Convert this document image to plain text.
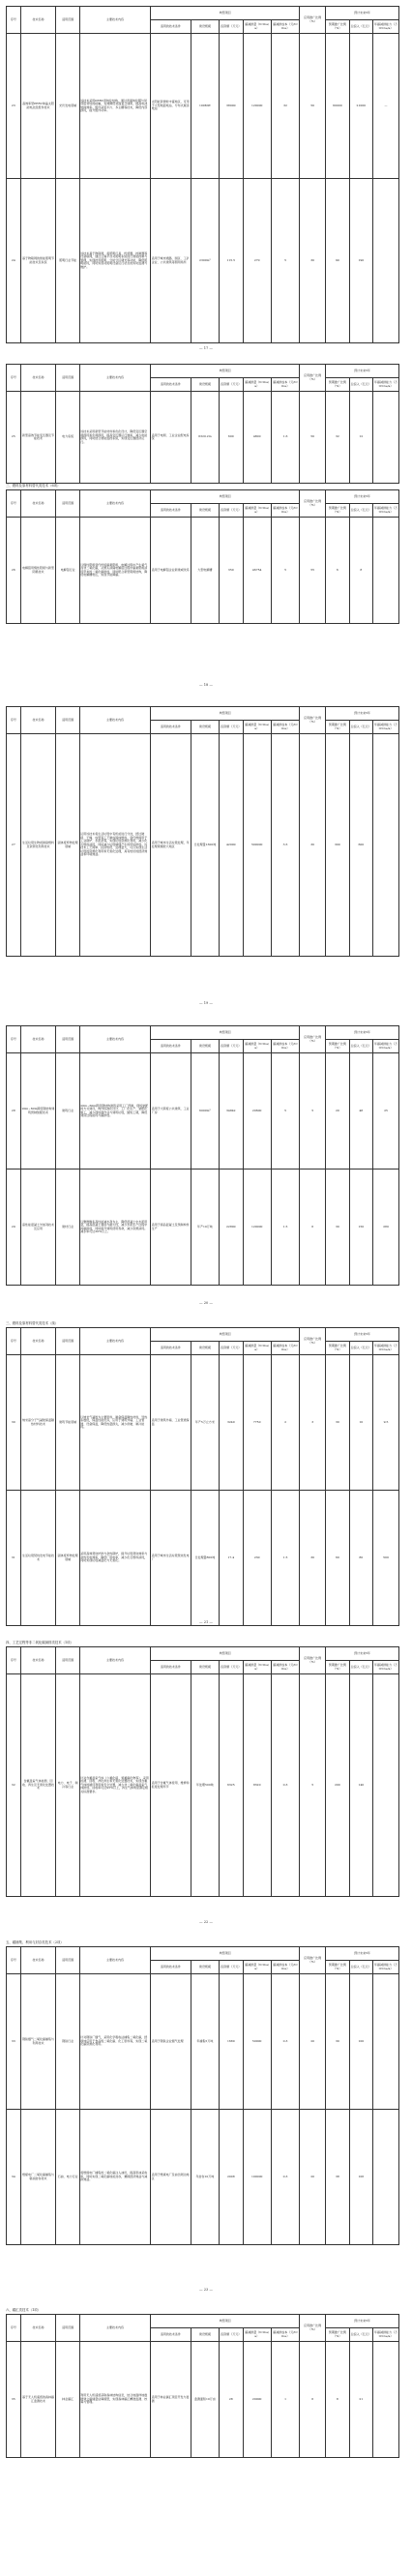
序号	技术名称	适用范围	主要技术内容	典型项目					应用推广比例（%）	预计未来5年		
				适用的技术条件	建设规模	投资额（万元）	碳减排量（tCO₂e/a）	碳减排成本（元/tCO₂e）		预期推广比例（%）	总投入（亿元）	年碳减排能力（万tCO₂e/a）
23	高效率型PERC单晶太阳能电池及组件技术	光伏发电领域	该技术采用PERC背钝化结构，通过背面钝化膜与局部铝背场的接触，有效降低背面复合速率，提高电池转换效率。组件采用半片、多主栅等技术，降低内部损耗，提升组件功率。	太阳能资源较丰富地区，可用于大型地面电站、分布式屋顶电站	100MW	38000	120000	32	50	60000	21000	—
24	基于物联网的智能照明节能技术及系统	照明行业节能	该技术基于物联网，将照明灯具、传感器、控制器等设备联网，通过云端平台对照明系统进行智能控制与管理，实现按需照明、分时分区调光等功能，降低照明能耗，同时实现对照明设备运行状态的实时监测与维护。	适用于城市道路、园区、工矿企业、公共建筑等照明场所	2300m²	115.5	270	5	30	90	190	
— 17 —
序号	技术名称	适用范围	主要技术内容	典型项目					应用推广比例（%）	预计未来5年		
				适用的技术条件	建设规模	投资额（万元）	碳减排量（tCO₂e/a）	碳减排成本（元/tCO₂e）		预期推广比例（%）	总投入（亿元）	年碳减排能力（万tCO₂e/a）
25	新型高效节能变压器及节能技术	电力系统	该技术采用新型节能材料和优化设计，降低变压器空载损耗和负载损耗，提高变压器运行效率，减少电能损耗，同时结合智能监控系统，实现变压器经济运行。	适用于电网、工业企业配电系统	6320.2m	600	4800	1.6	50	32	12	
三、燃料及原材料替代类技术（6项）
序号	技术名称	适用范围	主要技术内容	典型项目					应用推广比例（%）	预计未来5年		
				适用的技术条件	建设规模	投资额（万元）	碳减排量（tCO₂e/a）	碳减排成本（元/tCO₂e）		预期推广比例（%）	总投入（亿元）	年碳减排能力（万tCO₂e/a）
26	电解铝用惰性阳极与新型阴极技术	电解铝行业	以惰性阳极替代传统碳素阳极，电解过程中产生氧气而非二氧化碳，从源头消除电解铝过程中碳素阳极消耗带来的二氧化碳排放，同时配合新型阴极结构，降低电解槽电压，实现节能降碳。	适用于电解铝企业新建或改造	大型电解槽	350	46754	5	55	6	8	
— 18 —
序号	技术名称	适用范围	主要技术内容	典型项目					应用推广比例（%）	预计未来5年		
				适用的技术条件	建设规模	投资额（万元）	碳减排量（tCO₂e/a）	碳减排成本（元/tCO₂e）		预期推广比例（%）	总投入（亿元）	年碳减排能力（万tCO₂e/a）
27	生活垃圾生物质制备燃料及资源化利用技术	固体废弃物处理领域	运用该技术将生活垃圾中有机质进行分选，经过破碎、干燥、成型等工艺制成固体燃料，替代燃煤用于工业锅炉、水泥窑等，实现垃圾资源化利用，减少化石燃料消耗，同时减少垃圾填埋产生的甲烷排放。该技术工艺简单、投资较低、处理量大，可以实现生活垃圾的资源化利用和无害化处理，具有较好的经济效益和环境效益。	适用于城市生活垃圾处理，年处理规模较大地区	日处理量1300吨	42000	500000	3.5	30	300	600	
— 19 —
序号	技术名称	适用范围	主要技术内容	典型项目					应用推广比例（%）	预计未来5年		
				适用的技术条件	建设规模	投资额（万元）	碳减排量（tCO₂e/a）	碳减排成本（元/tCO₂e）		预期推广比例（%）	总投入（亿元）	年碳减排能力（万tCO₂e/a）
28	20m~60m跨度钢结构建筑预制装配技术	建筑行业	20m~60m跨度钢结构建筑采用工厂预制、现场装配的方式建设，构件标准化设计、工厂化生产、装配化施工，减少现场湿作业与建筑垃圾，缩短工期，降低建造过程能耗与碳排放。	适用于大跨度公共建筑、工业厂房	6000m²	34842	20600	5	5	20	48	25
29	高性能混凝土外加剂技术及应用	建材行业	以聚羧酸系高性能减水剂为主，降低混凝土中水泥用量，提高混凝土强度与耐久性，减少水泥生产过程中的碳排放，同时提升建筑使用寿命，减少资源消耗。减水率可达30%以上。	适用于商品混凝土及预制构件生产	年产10万吨	22800	120000	1.5	6	30	150	280
— 20 —
三、燃料及原材料替代类技术（续）
序号	技术名称	适用范围	主要技术内容	典型项目					应用推广比例（%）	预计未来5年		
				适用的技术条件	建设规模	投资额（万元）	碳减排量（tCO₂e/a）	碳减排成本（元/tCO₂e）		预期推广比例（%）	总投入（亿元）	年碳减排能力（万tCO₂e/a）
30	纳米高分子气凝胶保温隔热材料技术	建筑节能领域	以纳米气凝胶为主要原料，制备保温隔热材料，导热系数低，保温性能优异，应用于建筑外墙、工业管道、设备保温，降低热量损失，减少供暖、制冷能耗。	适用于建筑外墙、工业管道保温	年产5万立方米	3240	7750	2	3	30	10	9.5
31	生活垃圾焚烧发电节能技术	固体废弃物处理领域	采用高效焚烧炉排与余热锅炉，提升垃圾焚烧效率与余热发电效率，降低厂用电率，减少化石燃料消耗，同时实现垃圾减量化与无害化。	适用于城市生活垃圾焚烧发电厂	日处理量800吨	17.4	230	1.5	30	60	80	500
— 21 —
四、工艺过程等非二氧化碳减排类技术（1项）
序号	技术名称	适用范围	主要技术内容	典型项目					应用推广比例（%）	预计未来5年		
				适用的技术条件	建设规模	投资额（万元）	碳减排量（tCO₂e/a）	碳减排成本（元/tCO₂e）		预期推广比例（%）	总投入（亿元）	年碳减排能力（万tCO₂e/a）
32	含氟温室气体检测、回收、再生及无害化处置技术	电力、电子、制冷等行业	针对含氟温室气体（六氟化硫、氢氟碳化物等），采用检测、回收、净化再生和无害化处置技术，实现含氟气体的循环利用和安全处置，减少非二氧化碳温室气体排放。回收率可达95%以上，再生气体纯度满足相关标准要求。	适用于含氟气体使用、维修和报废处理环节	年处理500吨	6325	8320	0.3	5	200	140	
— 22 —
五、碳捕集、利用与封存类技术（2项）
序号	技术名称	适用范围	主要技术内容	典型项目					应用推广比例（%）	预计未来5年		
				适用的技术条件	建设规模	投资额（万元）	碳减排量（tCO₂e/a）	碳减排成本（元/tCO₂e）		预期推广比例（%）	总投入（亿元）	年碳减排能力（万tCO₂e/a）
33	钢铁烟气二氧化碳捕集与利用技术	钢铁行业	针对钢铁厂烟气，采用化学吸收法捕集二氧化碳，经提纯后用于食品级二氧化碳、化工原料等，实现二氧化碳资源化利用。	适用于钢铁企业烟气处理	年捕集5万吨	1680	50000	0.3	20	30	100	
34	燃煤电厂二氧化碳捕集与驱油封存技术	石油、电力行业	将燃煤电厂捕集的二氧化碳注入油田，提高原油采收率，同时实现二氧化碳地质封存，兼顾经济效益与减排效益。	适用于燃煤电厂及油田周边地区	年封存10万吨	2008	100000	0.3	20	38	106	
— 23 —
六、碳汇类技术（1项）
序号	技术名称	适用范围	主要技术内容	典型项目					应用推广比例（%）	预计未来5年		
				适用的技术条件	建设规模	投资额（万元）	碳减排量（tCO₂e/a）	碳减排成本（元/tCO₂e）		预期推广比例（%）	总投入（亿元）	年碳减排能力（万tCO₂e/a）
35	基于无人机遥感的森林碳汇监测技术	林业碳汇	利用无人机遥感获取森林结构信息，结合地面样地数据建立碳储量估算模型，实现森林碳汇精准监测、核算与管理。	适用于林业碳汇项目开发与监测	监测面积10万亩	28	20000	1	6	8	21	
